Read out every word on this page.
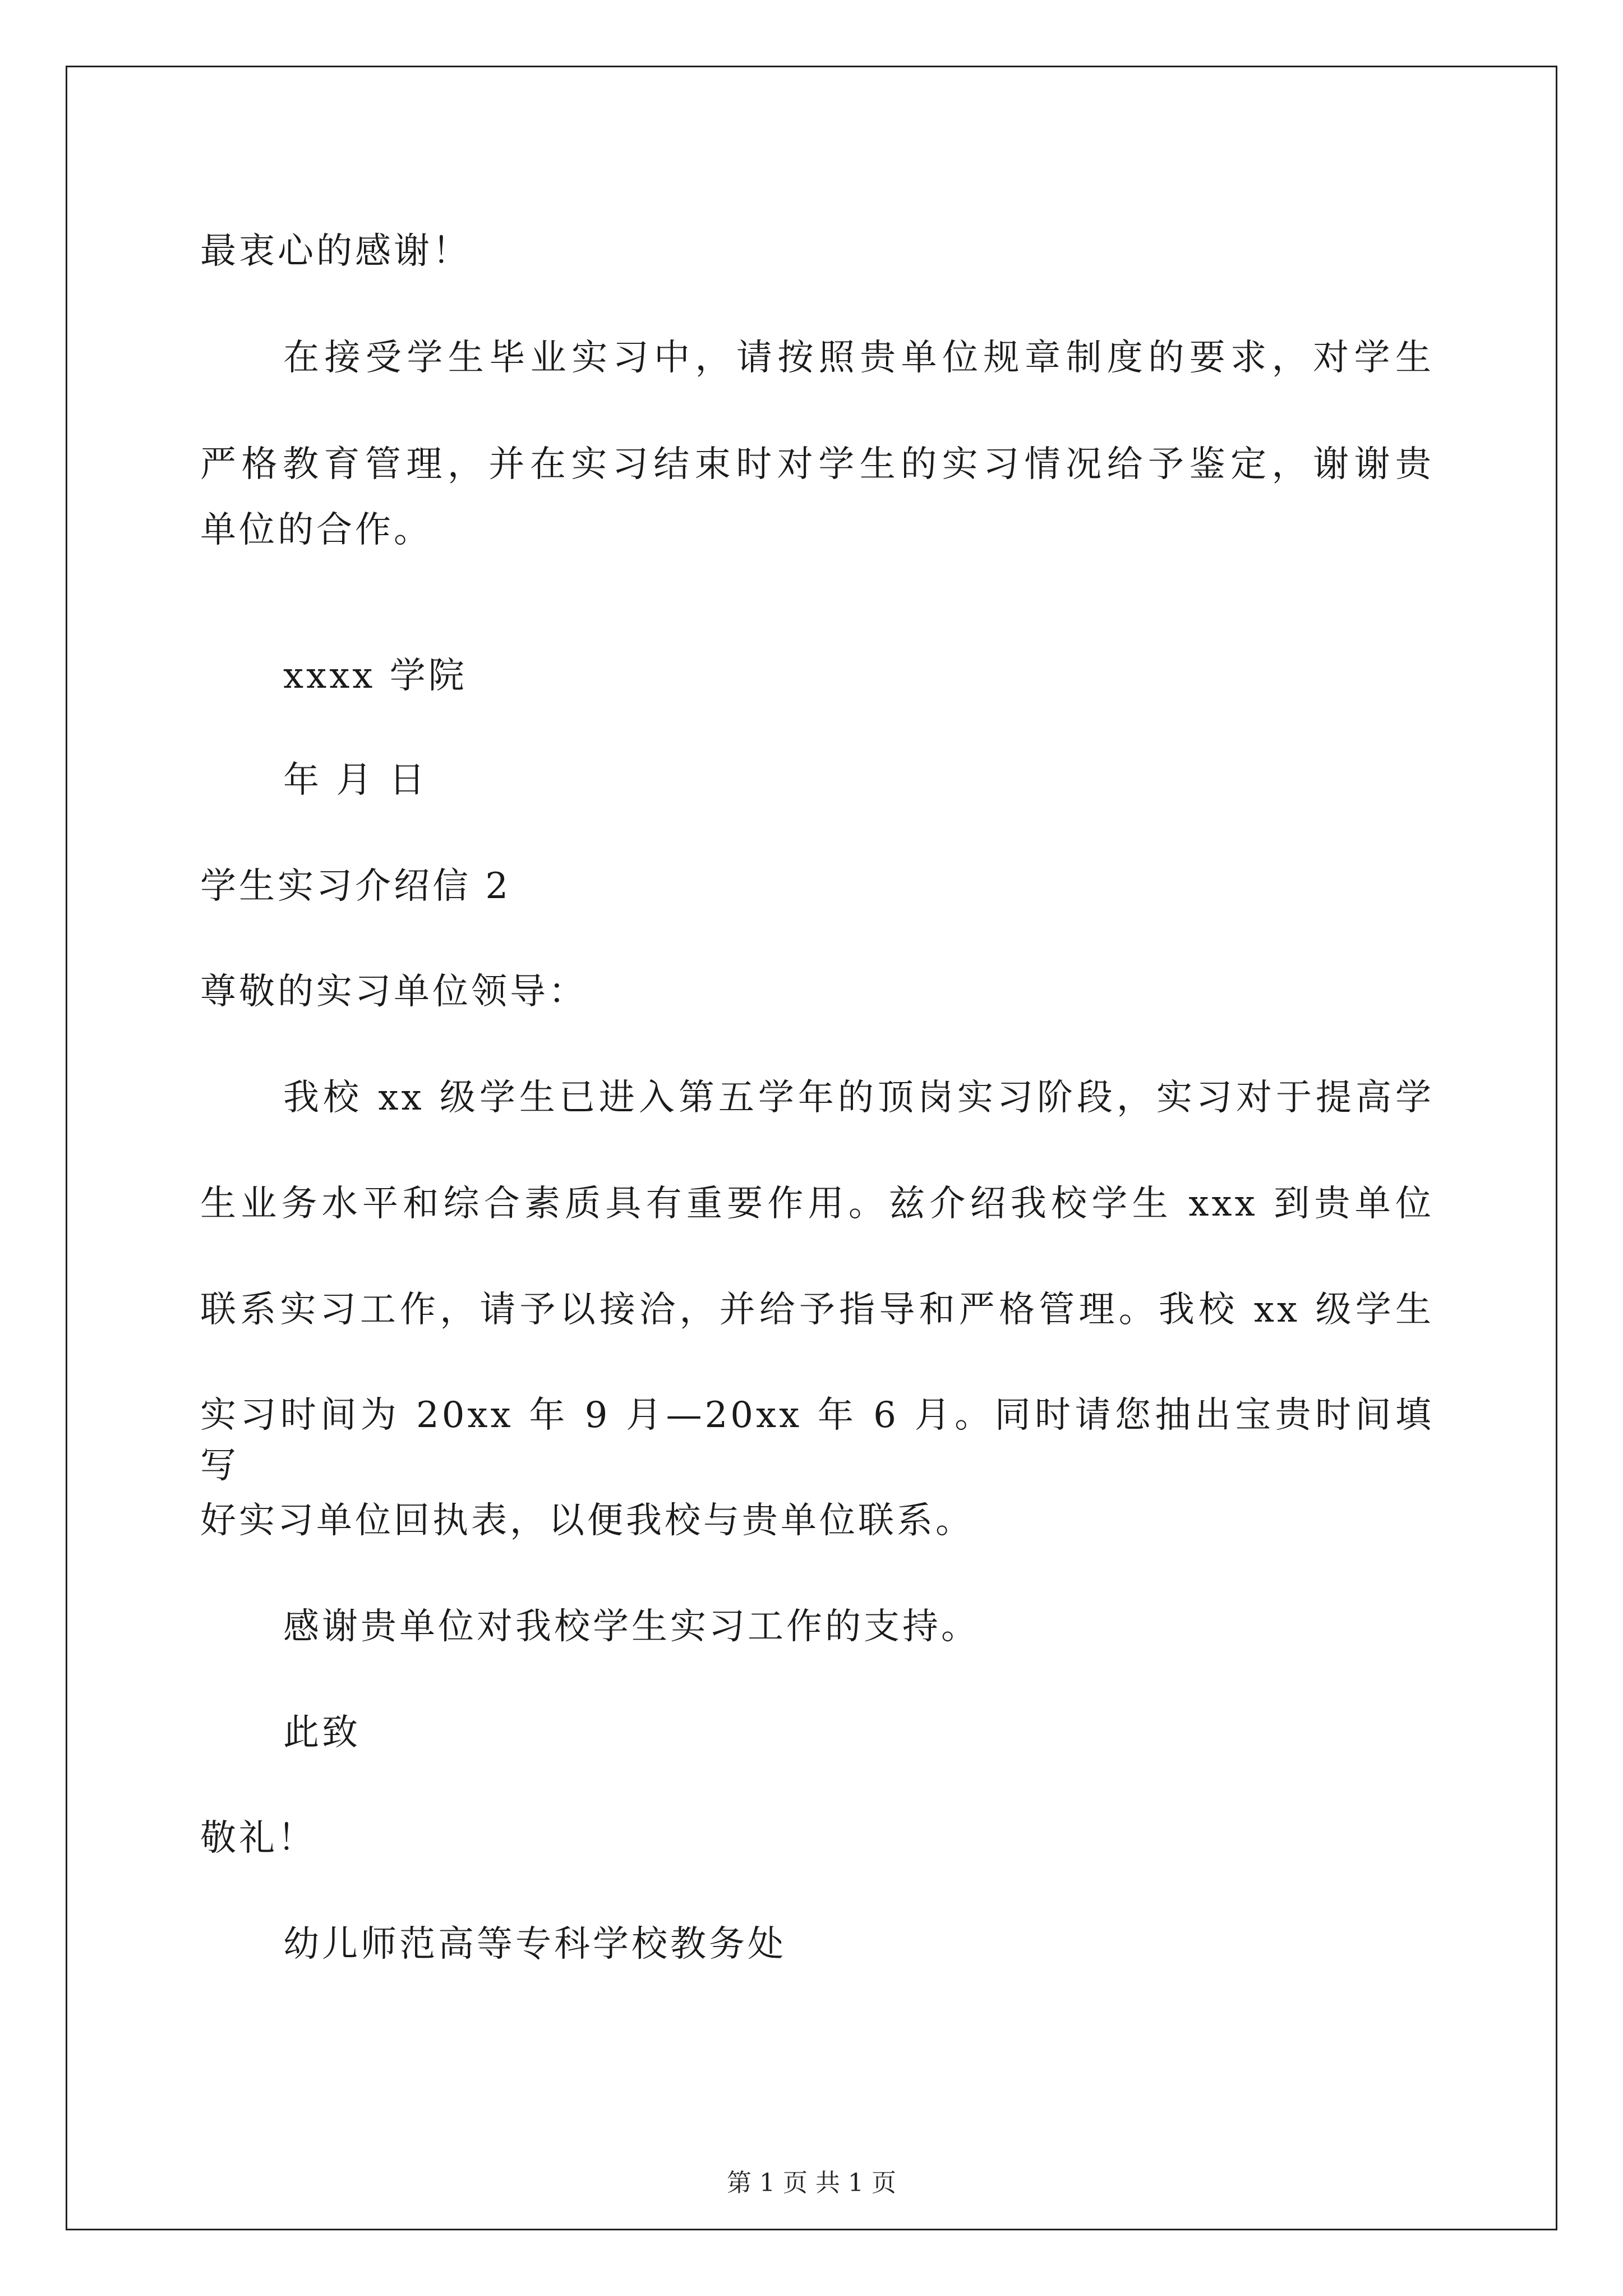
最衷心的感谢！
在接受学生毕业实习中，请按照贵单位规章制度的要求，对学生
严格教育管理，并在实习结束时对学生的实习情况给予鉴定，谢谢贵
单位的合作。
xxxx 学院
年 月 日
学生实习介绍信 2
尊敬的实习单位领导：
我校 xx 级学生已进入第五学年的顶岗实习阶段，实习对于提高学
生业务水平和综合素质具有重要作用。兹介绍我校学生 xxx 到贵单位
联系实习工作，请予以接洽，并给予指导和严格管理。我校 xx 级学生
实习时间为 20xx 年 9 月—20xx 年 6 月。同时请您抽出宝贵时间填写
好实习单位回执表，以便我校与贵单位联系。
感谢贵单位对我校学生实习工作的支持。
此致
敬礼！
幼儿师范高等专科学校教务处
第 1 页 共 1 页
